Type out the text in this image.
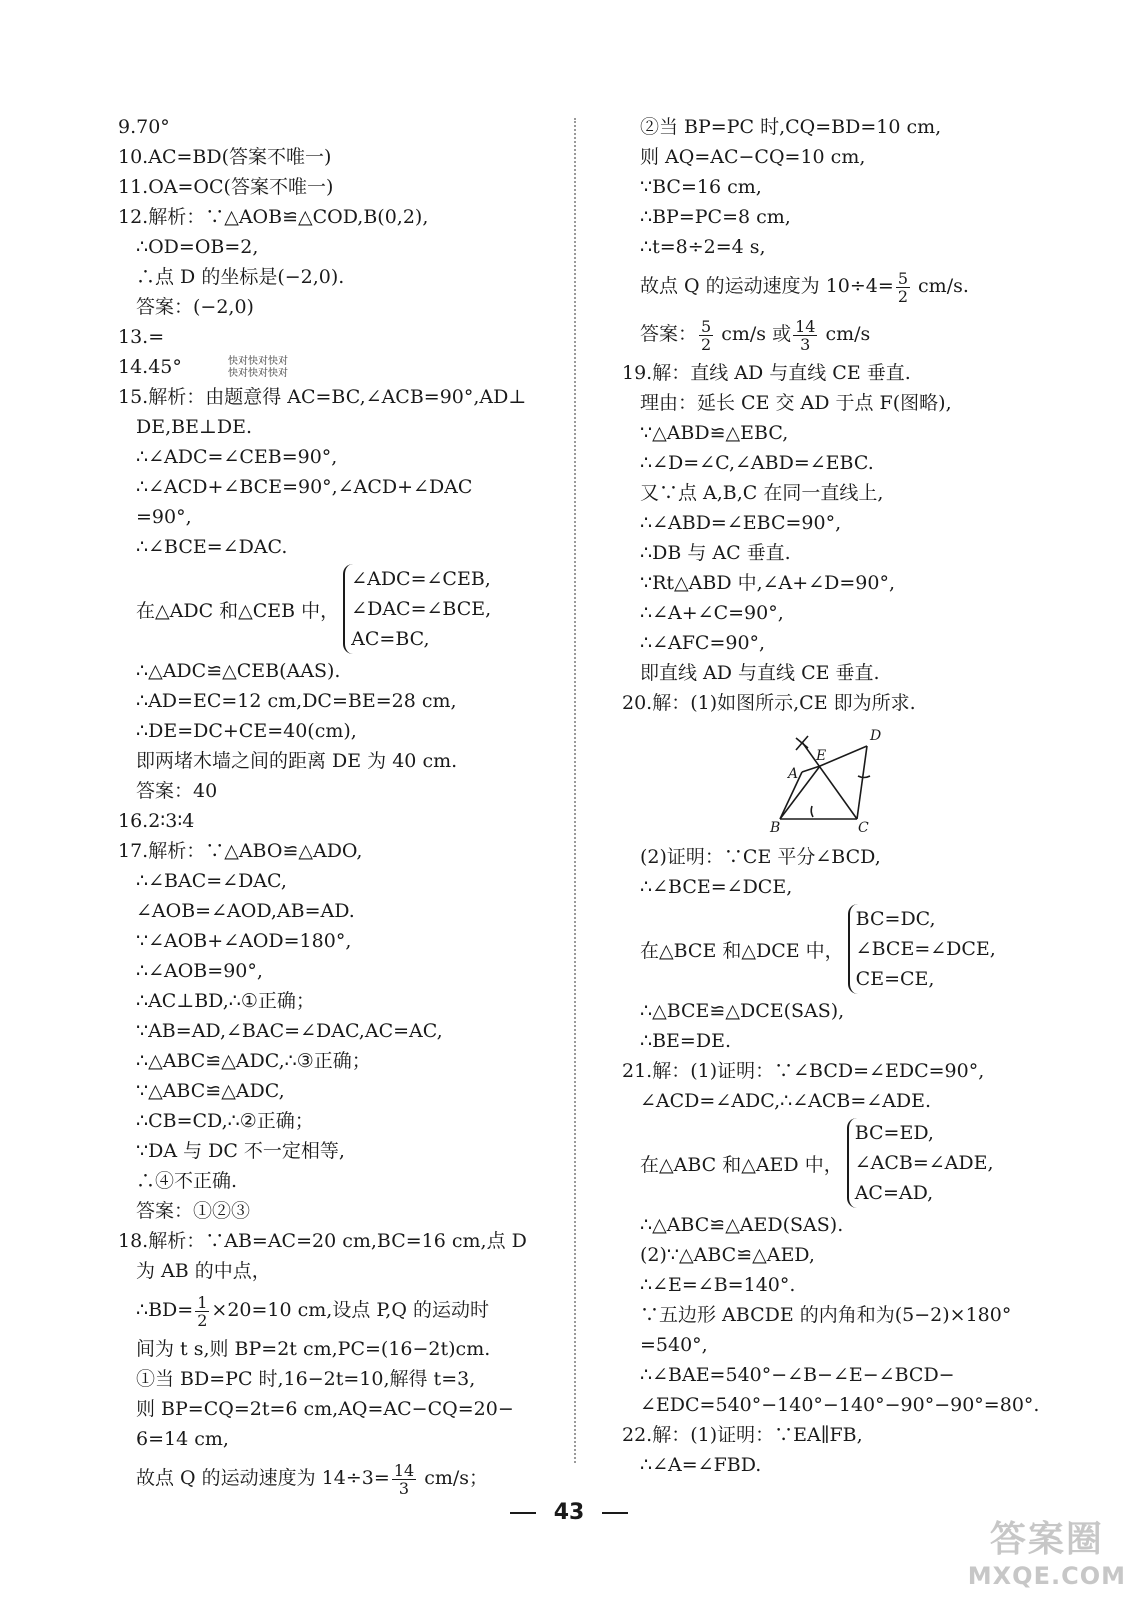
9.70°
10.AC=BD(答案不唯一)
11.OA=OC(答案不唯一)
12.解析：∵△AOB≌△COD,B(0,2),
∴OD=OB=2,
∴点 D 的坐标是(−2,0).
答案：(−2,0)
13.=
14.45°	快对快对快对
快对快对快对
15.解析：由题意得 AC=BC,∠ACB=90°,AD⊥
DE,BE⊥DE.
∴∠ADC=∠CEB=90°,
∴∠ACD+∠BCE=90°,∠ACD+∠DAC
=90°,
∴∠BCE=∠DAC.
在△ADC 和△CEB 中，
∠ADC=∠CEB,
∠DAC=∠BCE,
AC=BC,
∴△ADC≌△CEB(AAS).
∴AD=EC=12 cm,DC=BE=28 cm,
∴DE=DC+CE=40(cm),
即两堵木墙之间的距离 DE 为 40 cm.
答案：40
16.2∶3∶4
17.解析：∵△ABO≌△ADO,
∴∠BAC=∠DAC,
∠AOB=∠AOD,AB=AD.
∵∠AOB+∠AOD=180°,
∴∠AOB=90°,
∴AC⊥BD,∴①正确；
∵AB=AD,∠BAC=∠DAC,AC=AC,
∴△ABC≌△ADC,∴③正确；
∵△ABC≌△ADC,
∴CB=CD,∴②正确；
∵DA 与 DC 不一定相等,
∴④不正确.
答案：①②③
18.解析：∵AB=AC=20 cm,BC=16 cm,点 D
为 AB 的中点，
∴BD= $\frac{1}{2} \times 20=10$ cm,设点 P,Q 的运动时
间为 t s,则 BP=2t cm,PC=(16−2t)cm.
①当 BD=PC 时,16−2t=10,解得 t=3,
则 BP=CQ=2t=6 cm,AQ=AC−CQ=20−
6=14 cm,
故点 Q 的运动速度为 $14\div 3= \frac{14}{3} cm/s$；
②当 BP=PC 时,CQ=BD=10 cm,
则 AQ=AC−CQ=10 cm,
∵BC=16 cm,
∴BP=PC=8 cm,
∴t=8÷2=4 s,
故点 Q 的运动速度为 $10\div 4= \frac{5}{2} cm/s$.
答案： $\frac{5}{2} cm/s$ 或 $\frac{14}{3} cm/s$
19.解：直线 AD 与直线 CE 垂直.
理由：延长 CE 交 AD 于点 F(图略),
∵△ABD≌△EBC,
∴∠D=∠C,∠ABD=∠EBC.
又∵点 A,B,C 在同一直线上,
∴∠ABD=∠EBC=90°,
∴DB 与 AC 垂直.
∵Rt△ABD 中,∠A+∠D=90°,
∴∠A+∠C=90°,
∴∠AFC=90°,
即直线 AD 与直线 CE 垂直.
20.解：(1)如图所示,CE 即为所求.
A
B	C
D
E
(2)证明：∵CE 平分∠BCD,
∴∠BCE=∠DCE,
在△BCE 和△DCE 中，
BC=DC,
∠BCE=∠DCE,
CE=CE,
∴△BCE≌△DCE(SAS),
∴BE=DE.
21.解：(1)证明：∵∠BCD=∠EDC=90°,
∠ACD=∠ADC,∴∠ACB=∠ADE.
在△ABC 和△AED 中，
BC=ED,
∠ACB=∠ADE,
AC=AD,
∴△ABC≌△AED(SAS).
(2)∵△ABC≌△AED,
∴∠E=∠B=140°.
∵五边形 ABCDE 的内角和为(5−2)×180°
=540°,
∴∠BAE=540°−∠B−∠E−∠BCD−
∠EDC=540°−140°−140°−90°−90°=80°.
22.解：(1)证明：∵EA∥FB,
∴∠A=∠FBD.
43
答案圈
MXQE.COM
